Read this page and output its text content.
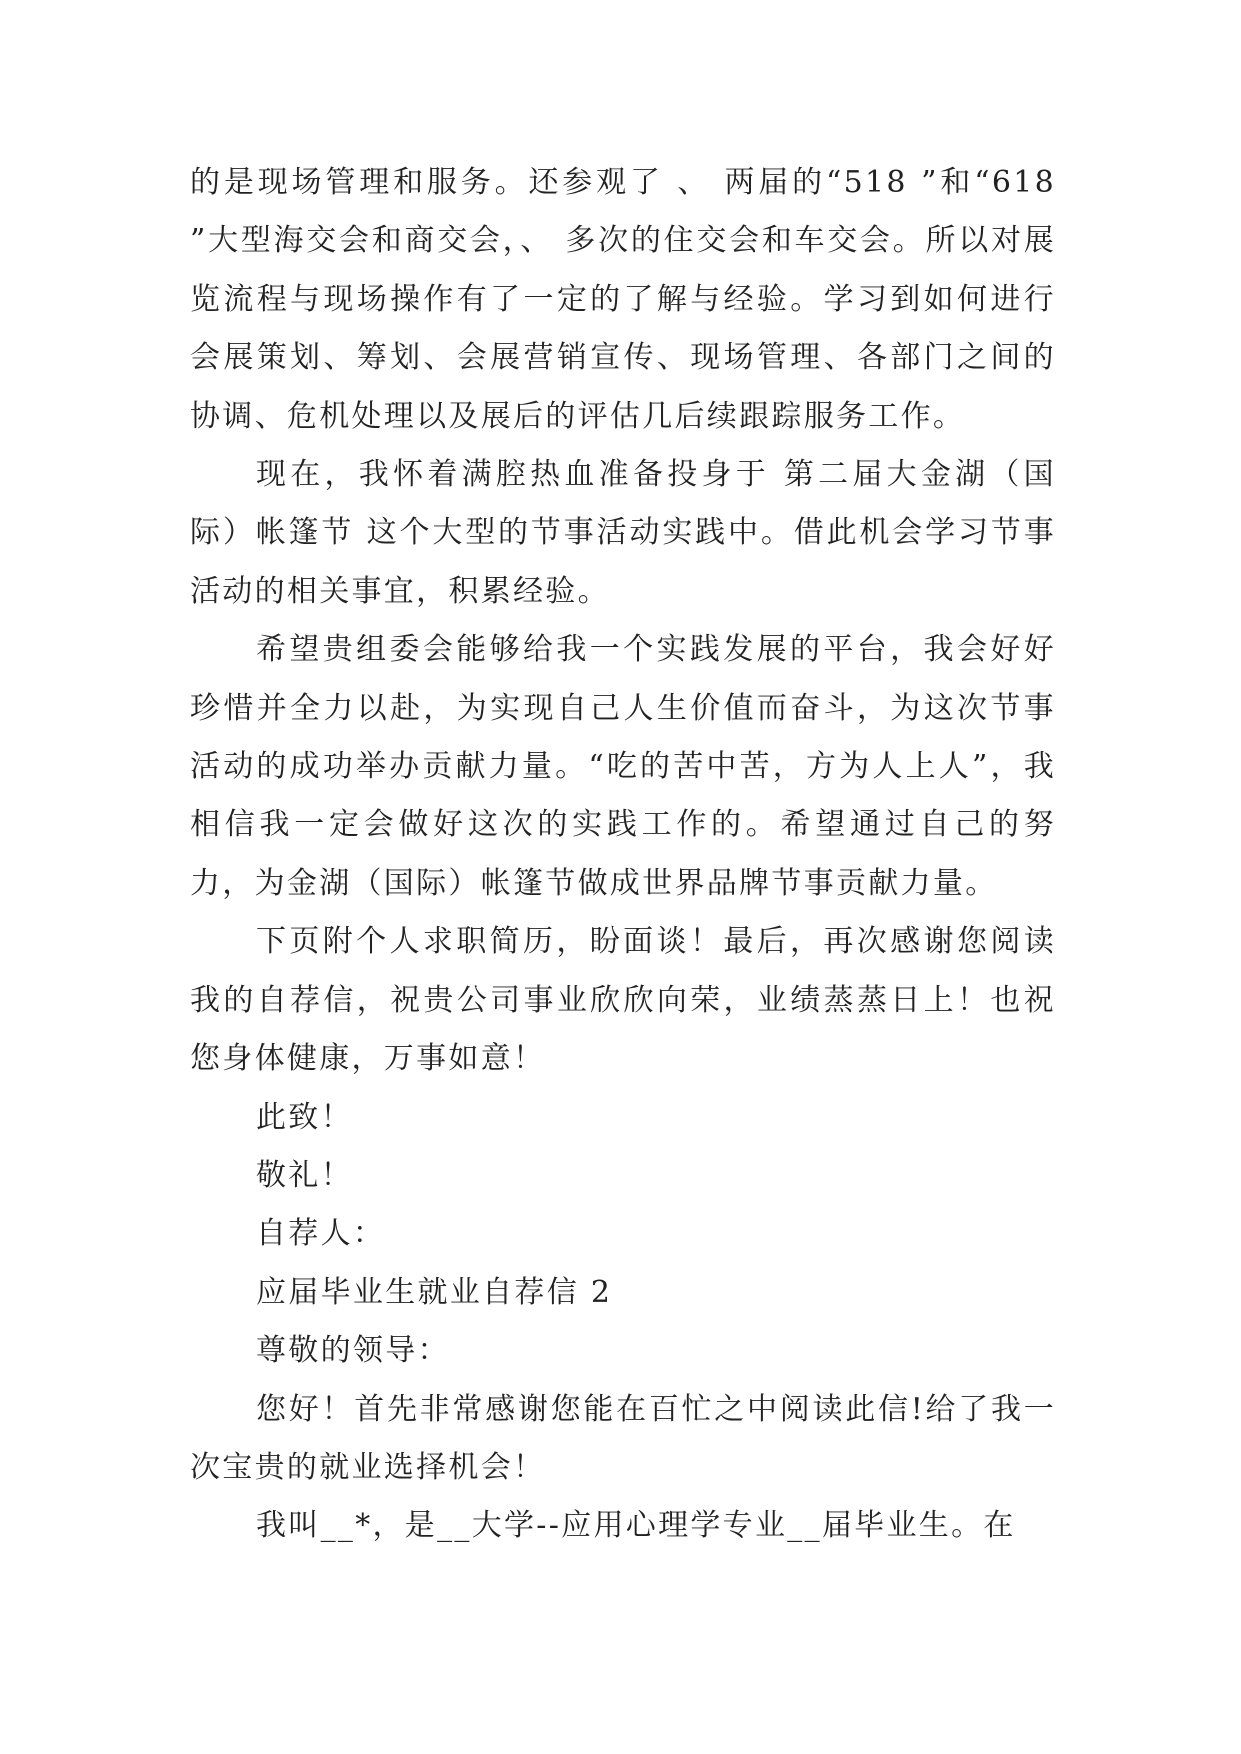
的是现场管理和服务。还参观了 、 两届的“518 ”和“618 ”大型海交会和商交会，、 多次的住交会和车交会。所以对展览流程与现场操作有了一定的了解与经验。学习到如何进行会展策划、筹划、会展营销宣传、现场管理、各部门之间的协调、危机处理以及展后的评估几后续跟踪服务工作。

现在，我怀着满腔热血准备投身于 第二届大金湖（国际）帐篷节 这个大型的节事活动实践中。借此机会学习节事活动的相关事宜，积累经验。

希望贵组委会能够给我一个实践发展的平台，我会好好珍惜并全力以赴，为实现自己人生价值而奋斗，为这次节事活动的成功举办贡献力量。“吃的苦中苦，方为人上人”，我相信我一定会做好这次的实践工作的。希望通过自己的努力，为金湖（国际）帐篷节做成世界品牌节事贡献力量。

下页附个人求职简历，盼面谈！最后，再次感谢您阅读我的自荐信，祝贵公司事业欣欣向荣，业绩蒸蒸日上！也祝您身体健康，万事如意！

此致！

敬礼！

自荐人：

应届毕业生就业自荐信 2

尊敬的领导：

您好！首先非常感谢您能在百忙之中阅读此信!给了我一次宝贵的就业选择机会！

我叫__*，是__大学--应用心理学专业__届毕业生。在
